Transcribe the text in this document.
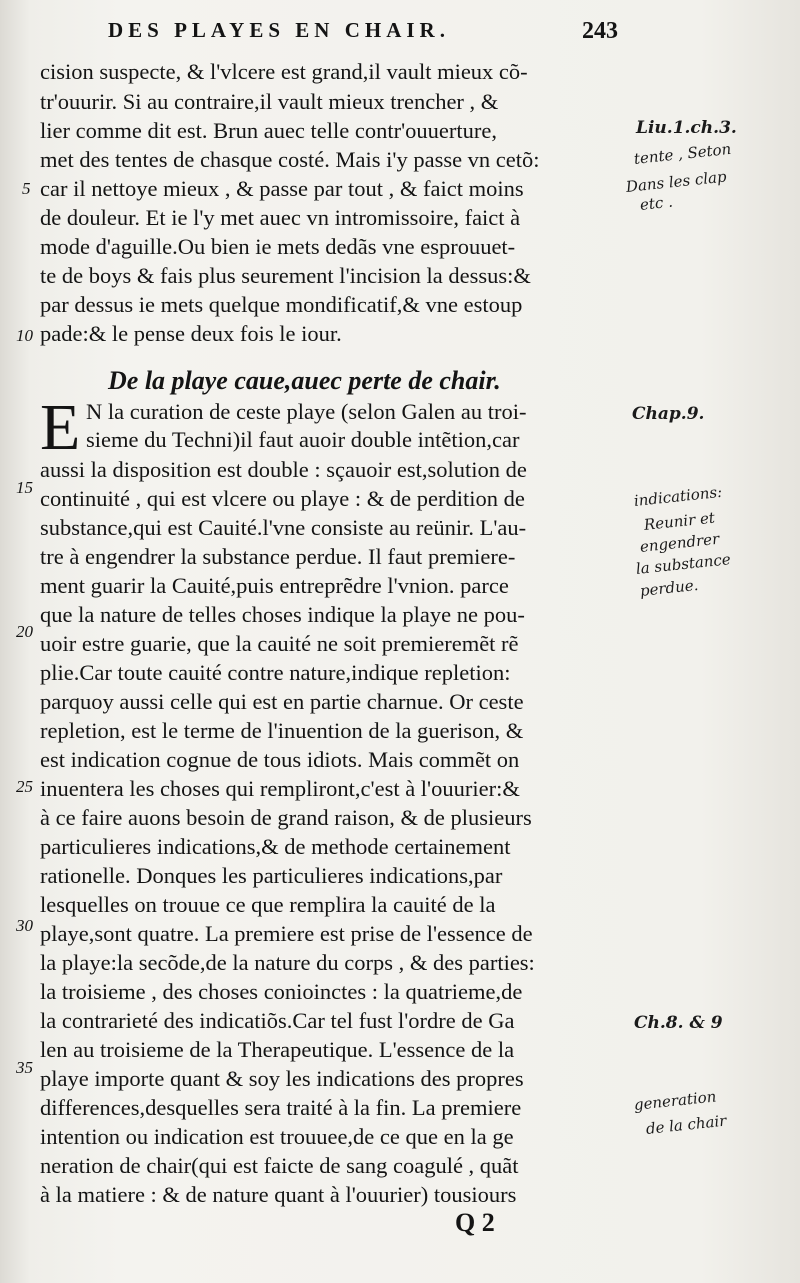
DES PLAYES EN CHAIR.	243
cision suspecte, & l'vlcere est grand,il vault mieux cõ-
tr'ouurir. Si au contraire,il vault mieux trencher , &
lier comme dit est. Brun auec telle contr'ouuerture,
met des tentes de chasque costé. Mais i'y passe vn cetõ:
car il nettoye mieux , & passe par tout , & faict moins
de douleur. Et ie l'y met auec vn intromissoire, faict à
mode d'aguille.Ou bien ie mets dedãs vne esprouuet-
te de boys & fais plus seurement l'incision la dessus:&
par dessus ie mets quelque mondificatif,& vne estoup
pade:& le pense deux fois le iour.
De la playe caue,auec perte de chair.
E N la curation de ceste playe (selon Galen au troi-
sieme du Techni)il faut auoir double intẽtion,car
aussi la disposition est double : sçauoir est,solution de
continuité , qui est vlcere ou playe : & de perdition de
substance,qui est Cauité.l'vne consiste au reünir. L'au-
tre à engendrer la substance perdue. Il faut premiere-
ment guarir la Cauité,puis entreprẽdre l'vnion. parce
que la nature de telles choses indique la playe ne pou-
uoir estre guarie, que la cauité ne soit premieremẽt rẽ
plie.Car toute cauité contre nature,indique repletion:
parquoy aussi celle qui est en partie charnue. Or ceste
repletion, est le terme de l'inuention de la guerison, &
est indication cognue de tous idiots. Mais commẽt on
inuentera les choses qui rempliront,c'est à l'ouurier:&
à ce faire auons besoin de grand raison, & de plusieurs
particulieres indications,& de methode certainement
rationelle. Donques les particulieres indications,par
lesquelles on trouue ce que remplira la cauité de la
playe,sont quatre. La premiere est prise de l'essence de
la playe:la secõde,de la nature du corps , & des parties:
la troisieme , des choses conioinctes : la quatrieme,de
la contrarieté des indicatiõs.Car tel fust l'ordre de Ga
len au troisieme de la Therapeutique. L'essence de la
playe importe quant & soy les indications des propres
differences,desquelles sera traité à la fin. La premiere
intention ou indication est trouuee,de ce que en la ge
neration de chair(qui est faicte de sang coagulé , quãt
à la matiere : & de nature quant à l'ouurier) tousiours
5
10
15
20
25
30
35
Liu.1.ch.3.
tente , Seton
Dans les clap
etc .
Chap.9.
indications:
Reunir et
engendrer
la substance
perdue.
Ch.8. & 9
generation
de la chair
Q 2
